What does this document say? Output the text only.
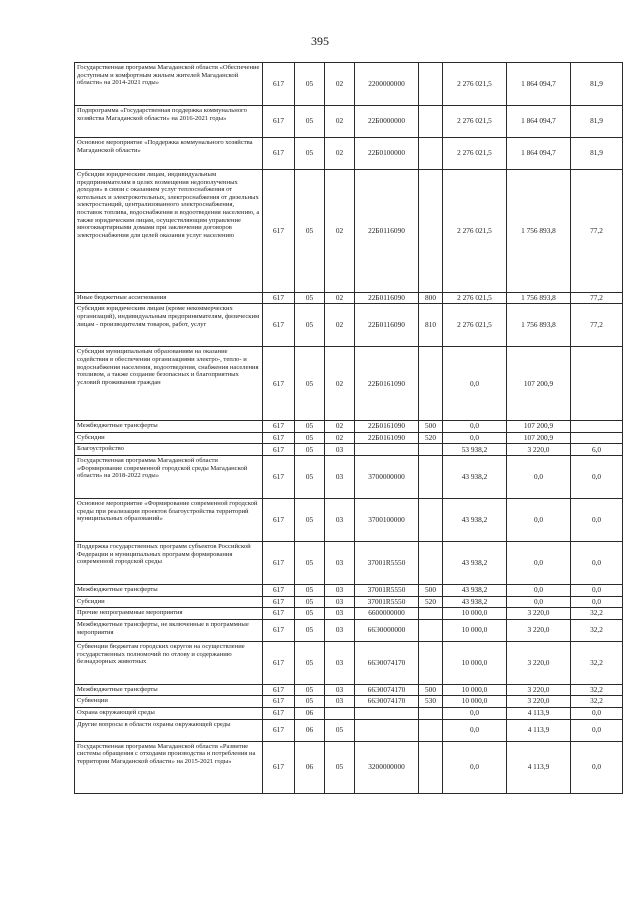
395
Государственная программа Магаданской области «Обеспечение доступным и комфортным жильем жителей Магаданской области» на 2014-2021 годы»	617	05	02	2200000000		2 276 021,5	1 864 094,7	81,9
Подпрограмма «Государственная поддержка коммунального хозяйства Магаданской области» на 2016-2021 годы»	617	05	02	22Б0000000		2 276 021,5	1 864 094,7	81,9
Основное мероприятие «Поддержка коммунального хозяйства Магаданской области»	617	05	02	22Б0100000		2 276 021,5	1 864 094,7	81,9
Субсидии юридическим лицам, индивидуальным предпринимателям в целях возмещения недополученных доходов» в связи с оказанием услуг теплоснабжения от котельных и электрокотельных, электроснабжения от дизельных электростанций, централизованного электроснабжения, поставок топлива, водоснабжения и водоотведения населению, а также юридическим лицам, осуществляющим управление многоквартирными домами при заключении договоров электроснабжения для целей оказания услуг населению	617	05	02	22Б0116090		2 276 021,5	1 756 893,8	77,2
Иные бюджетные ассигнования	617	05	02	22Б0116090	800	2 276 021,5	1 756 893,8	77,2
Субсидии юридическим лицам (кроме некоммерческих организаций), индивидуальным предпринимателям, физическим лицам - производителям товаров, работ, услуг	617	05	02	22Б0116090	810	2 276 021,5	1 756 893,8	77,2
Субсидия муниципальным образованиям на оказание содействия в обеспечении организациями электро-, тепло- и водоснабжения населения, водоотведения, снабжения населения топливом, а также создание безопасных и благоприятных условий проживания граждан	617	05	02	22Б0161090		0,0	107 200,9	
Межбюджетные трансферты	617	05	02	22Б0161090	500	0,0	107 200,9	
Субсидии	617	05	02	22Б0161090	520	0,0	107 200,9	
Благоустройство	617	05	03			53 938,2	3 220,0	6,0
Государственная программа Магаданской области «Формирование современной городской среды Магаданской области» на 2018-2022 годы»	617	05	03	3700000000		43 938,2	0,0	0,0
Основное мероприятие «Формирование современной городской среды при реализации проектов благоустройства территорий муниципальных образований»	617	05	03	3700100000		43 938,2	0,0	0,0
Поддержка государственных программ субъектов Российской Федерации и муниципальных программ формирования современной городской среды	617	05	03	37001R5550		43 938,2	0,0	0,0
Межбюджетные трансферты	617	05	03	37001R5550	500	43 938,2	0,0	0,0
Субсидии	617	05	03	37001R5550	520	43 938,2	0,0	0,0
Прочие непрограммные мероприятия	617	05	03	6600000000		10 000,0	3 220,0	32,2
Межбюджетные трансферты, не включенные в программные мероприятия	617	05	03	66Э0000000		10 000,0	3 220,0	32,2
Субвенции бюджетам городских округов на осуществление государственных полномочий по отлову и содержанию безнадзорных животных	617	05	03	66Э0074170		10 000,0	3 220,0	32,2
Межбюджетные трансферты	617	05	03	66Э0074170	500	10 000,0	3 220,0	32,2
Субвенции	617	05	03	66Э0074170	530	10 000,0	3 220,0	32,2
Охрана окружающей среды	617	06				0,0	4 113,9	0,0
Другие вопросы в области охраны окружающей среды	617	06	05			0,0	4 113,9	0,0
Государственная программа Магаданской области «Развитие системы обращения с отходами производства и потребления на территории Магаданской области» на 2015-2021 годы»	617	06	05	3200000000		0,0	4 113,9	0,0
